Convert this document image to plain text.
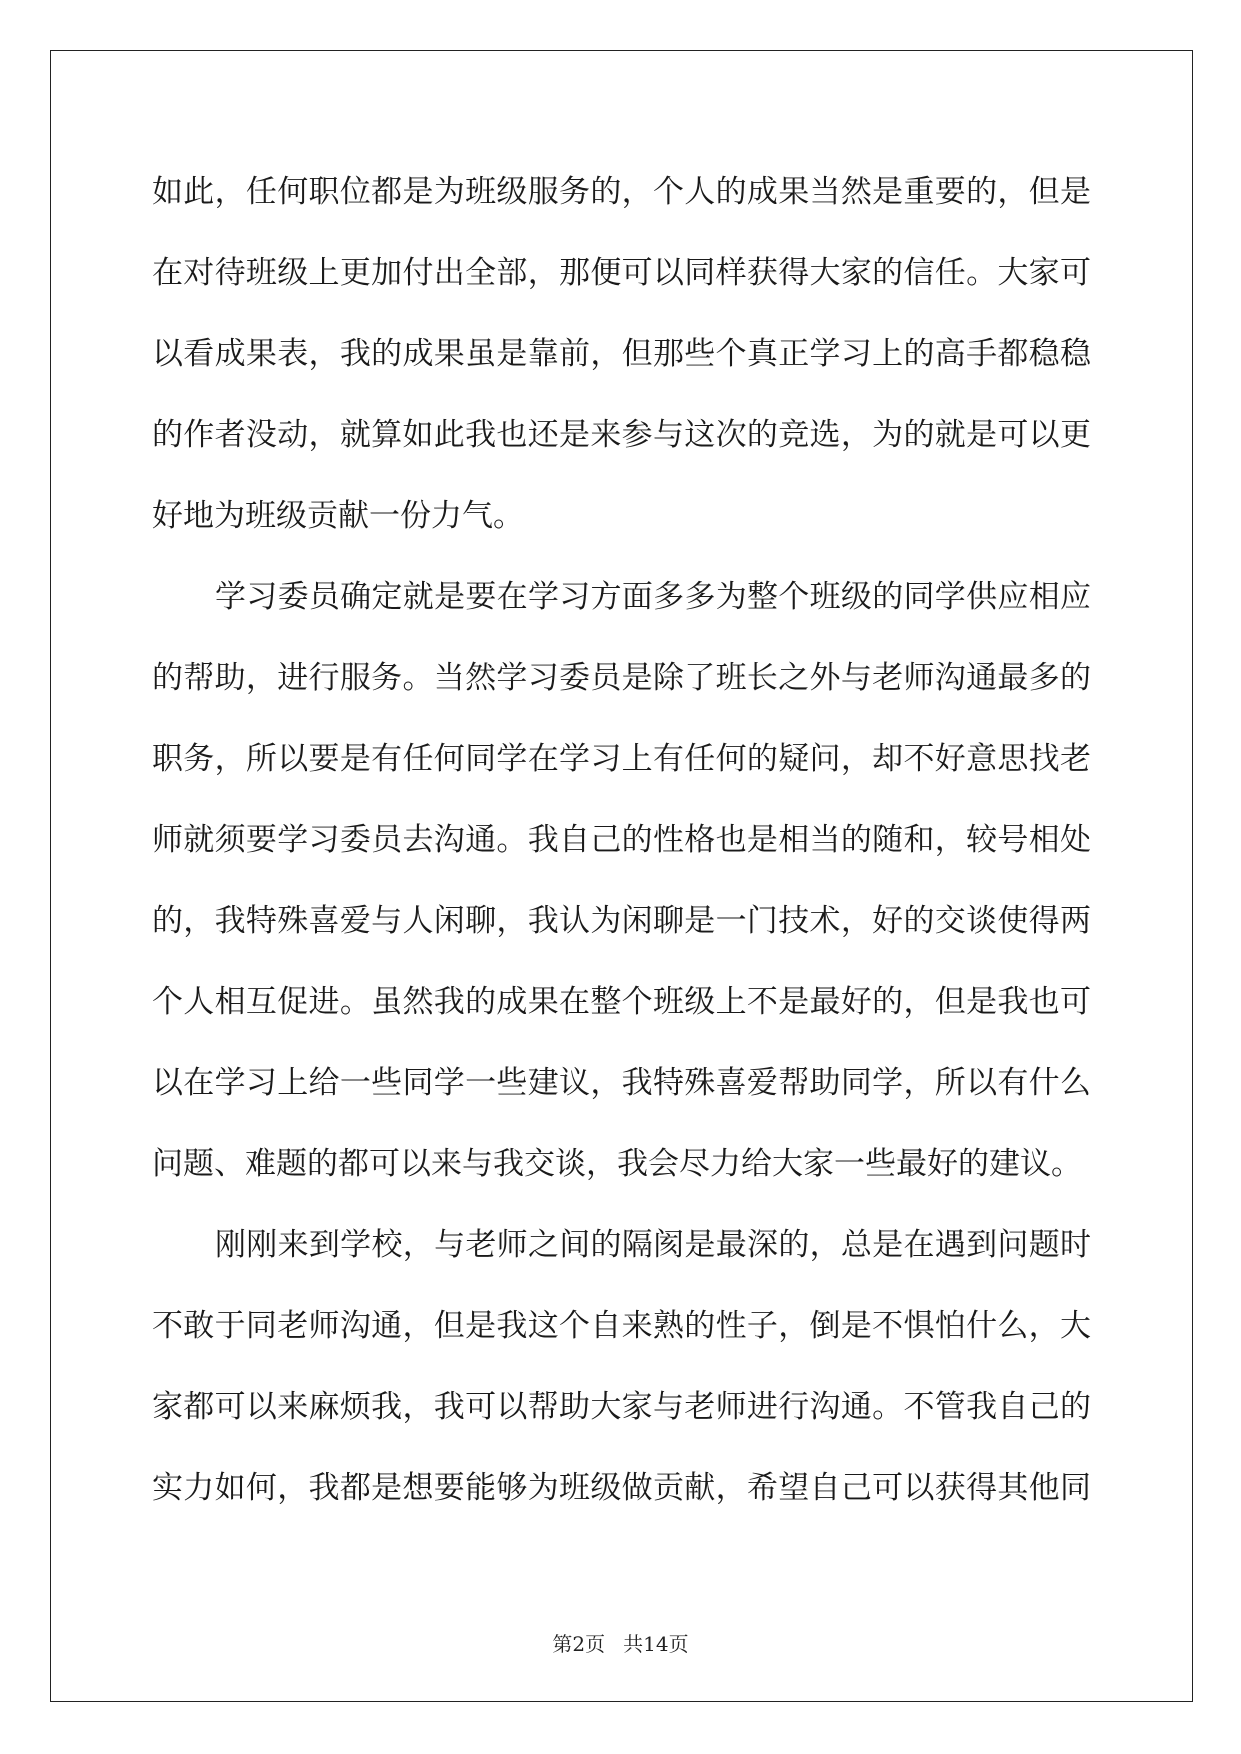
如此，任何职位都是为班级服务的，个人的成果当然是重要的，但是
在对待班级上更加付出全部，那便可以同样获得大家的信任。大家可
以看成果表，我的成果虽是靠前，但那些个真正学习上的高手都稳稳
的作者没动，就算如此我也还是来参与这次的竞选，为的就是可以更
好地为班级贡献一份力气。
学习委员确定就是要在学习方面多多为整个班级的同学供应相应
的帮助，进行服务。当然学习委员是除了班长之外与老师沟通最多的
职务，所以要是有任何同学在学习上有任何的疑问，却不好意思找老
师就须要学习委员去沟通。我自己的性格也是相当的随和，较号相处
的，我特殊喜爱与人闲聊，我认为闲聊是一门技术，好的交谈使得两
个人相互促进。虽然我的成果在整个班级上不是最好的，但是我也可
以在学习上给一些同学一些建议，我特殊喜爱帮助同学，所以有什么
问题、难题的都可以来与我交谈，我会尽力给大家一些最好的建议。
刚刚来到学校，与老师之间的隔阂是最深的，总是在遇到问题时
不敢于同老师沟通，但是我这个自来熟的性子，倒是不惧怕什么，大
家都可以来麻烦我，我可以帮助大家与老师进行沟通。不管我自己的
实力如何，我都是想要能够为班级做贡献，希望自己可以获得其他同
第2页 共14页
